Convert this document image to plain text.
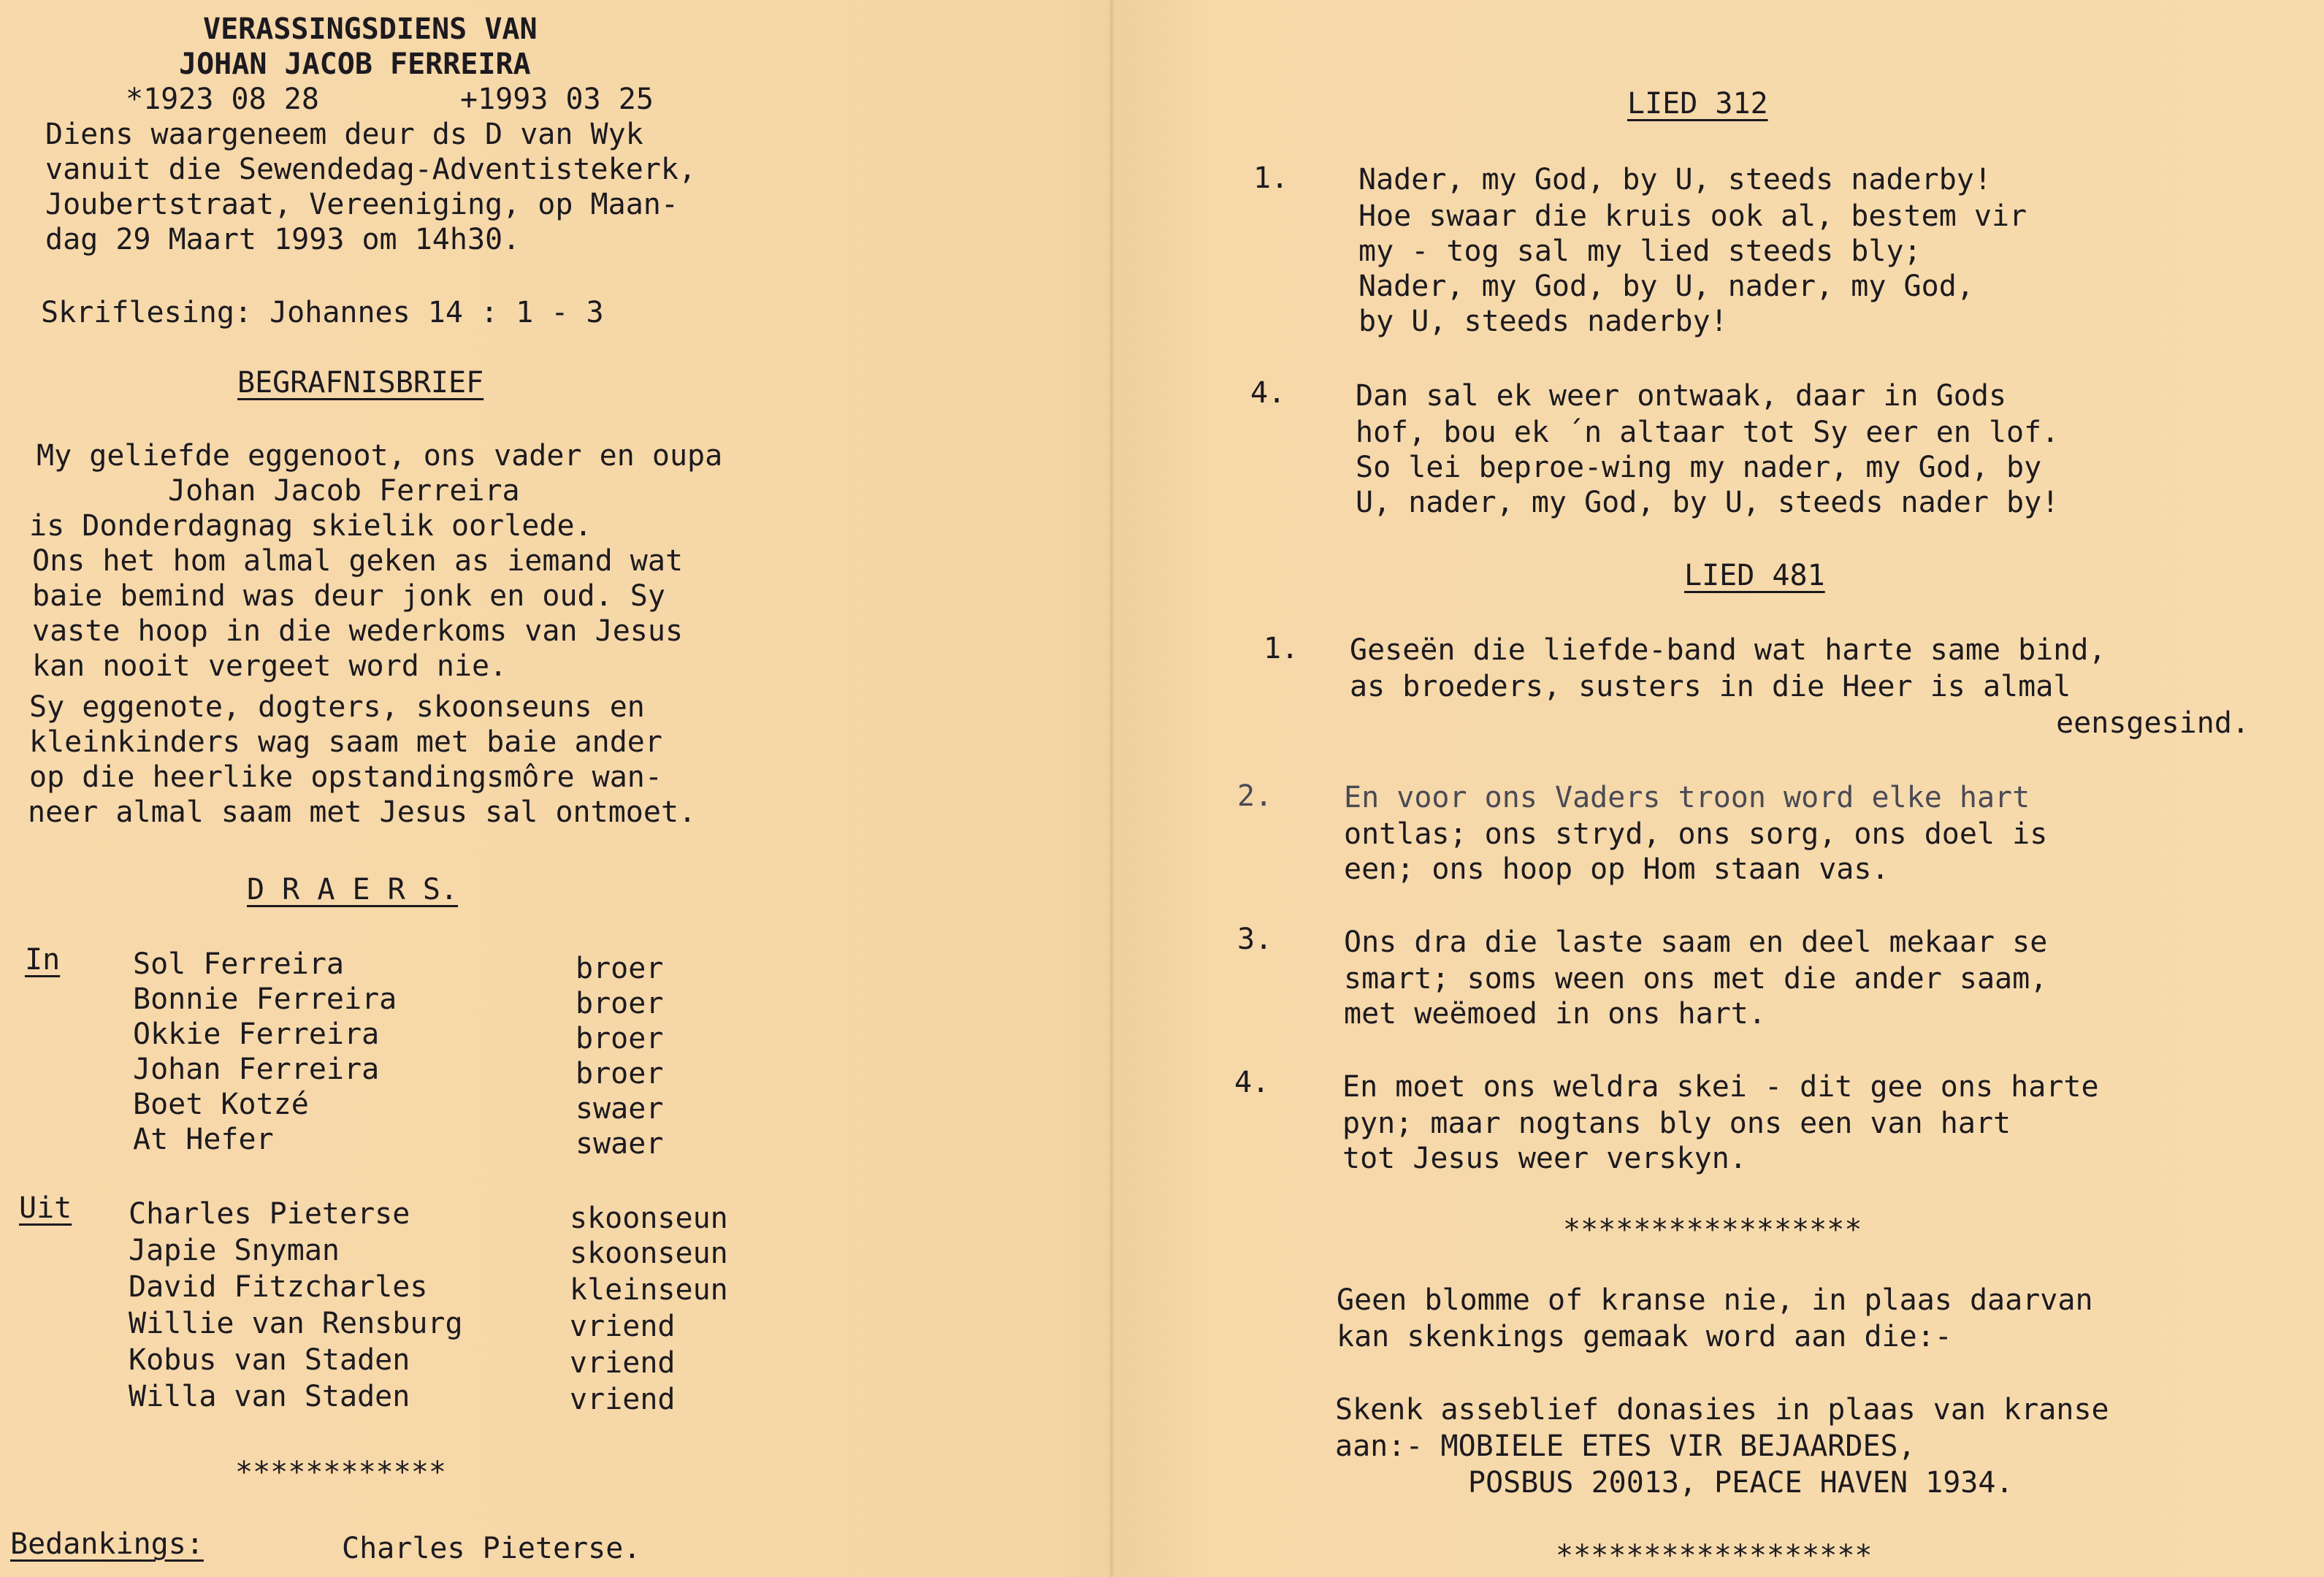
VERASSINGSDIENS VAN
JOHAN JACOB FERREIRA
*1923 08 28	+1993 03 25
Diens waargeneem deur ds D van Wyk
vanuit die Sewendedag-Adventistekerk,
Joubertstraat, Vereeniging, op Maan-
dag 29 Maart 1993 om 14h30.
Skriflesing: Johannes 14 : 1 - 3
BEGRAFNISBRIEF
My geliefde eggenoot, ons vader en oupa
Johan Jacob Ferreira
is Donderdagnag skielik oorlede.
Ons het hom almal geken as iemand wat
baie bemind was deur jonk en oud. Sy
vaste hoop in die wederkoms van Jesus
kan nooit vergeet word nie.
Sy eggenote, dogters, skoonseuns en
kleinkinders wag saam met baie ander
op die heerlike opstandingsmôre wan-
neer almal saam met Jesus sal ontmoet.
D R A E R S.
In Sol Ferreira	broer
Bonnie Ferreira	broer
Okkie Ferreira	broer
Johan Ferreira	broer
Boet Kotzé	swaer
At Hefer	swaer
Uit Charles Pieterse	skoonseun
Japie Snyman	skoonseun
David Fitzcharles	kleinseun
Willie van Rensburg	vriend
Kobus van Staden	vriend
Willa van Staden	vriend
************
Bedankings:	Charles Pieterse.
LIED 312
1. Nader, my God, by U, steeds naderby!
Hoe swaar die kruis ook al, bestem vir
my - tog sal my lied steeds bly;
Nader, my God, by U, nader, my God,
by U, steeds naderby!
4. Dan sal ek weer ontwaak, daar in Gods
hof, bou ek ´n altaar tot Sy eer en lof.
So lei beproe-wing my nader, my God, by
U, nader, my God, by U, steeds nader by!
LIED 481
1. Geseën die liefde-band wat harte same bind,
as broeders, susters in die Heer is almal
eensgesind.
2. En voor ons Vaders troon word elke hart
ontlas; ons stryd, ons sorg, ons doel is
een; ons hoop op Hom staan vas.
3. Ons dra die laste saam en deel mekaar se
smart; soms ween ons met die ander saam,
met weëmoed in ons hart.
4. En moet ons weldra skei - dit gee ons harte
pyn; maar nogtans bly ons een van hart
tot Jesus weer verskyn.
*****************
Geen blomme of kranse nie, in plaas daarvan
kan skenkings gemaak word aan die:-
Skenk asseblief donasies in plaas van kranse
aan:- MOBIELE ETES VIR BEJAARDES,
POSBUS 20013, PEACE HAVEN 1934.
******************
